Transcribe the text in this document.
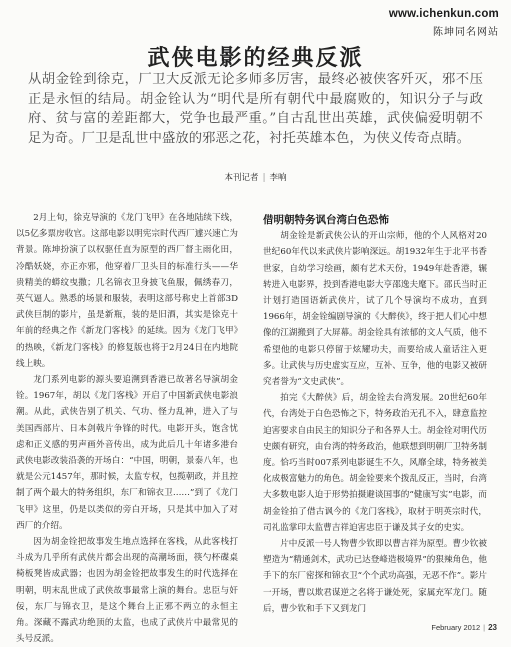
www.ichenkun.com
陈坤同名网站
武侠电影的经典反派
从胡金铨到徐克，厂卫大反派无论多师多厉害，最终必被侠客歼灭，邪不压正是永恒的结局。胡金铨认为“明代是所有朝代中最腐败的，知识分子与政府、贫与富的差距都大，党争也最严重。”自古乱世出英雄，武侠偏爱明朝不足为奇。厂卫是乱世中盛放的邪恶之花，衬托英雄本色，为侠义传奇点睛。
本刊记者 | 李响

2月上旬，徐克导演的《龙门飞甲》在各地陆续下线，以5亿多票房收官。这部电影以明宪宗时代西厂遽兴速亡为背景。陈坤扮演了以权驱任直为原型的西厂督主雨化田，冷酷妖娆，亦正亦邪，他穿着厂卫头目的标准行头——华贵精美的蟒纹曳撒；几名锦衣卫身披飞鱼服，佩绣春刀，英气逼人。熟悉的场景和服装，表明这部号称史上首部3D武侠巨制的影片，虽是新瓶，装的是旧酒，其实是徐克十年前的经典之作《新龙门客栈》的延续。因为《龙门飞甲》的热映，《新龙门客栈》的修复版也将于2月24日在内地院线上映。

龙门系列电影的源头要追溯到香港已故著名导演胡金铨。1967年，胡以《龙门客栈》开启了中国新武侠电影浪潮。从此，武侠告别了机关、气功、怪力乱神，进入了与美国西部片、日本剑戟片争锋的时代。电影开头，饱含忧虑和正义感的男声画外音传出，成为此后几十年诸多港台武侠电影改装沿袭的开场白：“中国，明朝，景泰八年，也就是公元1457年，那时候，太监专权，包揽朝政，并且控制了两个最大的特务组织，东厂和锦衣卫……”到了《龙门飞甲》这里，仍是以类似的旁白开场，只是其中加入了对西厂的介绍。

因为胡金铨把故事发生地点选择在客栈，从此客栈打斗成为几乎所有武侠片都会出现的高潮场面，筷勺杯碟桌椅板凳皆成武器；也因为胡金铨把故事发生的时代选择在明朝，明末乱世成了武侠故事最常上演的舞台。忠臣与奸佞，东厂与锦衣卫，是这个舞台上正邪不两立的永恒主角。深藏不露武功绝顶的太监，也成了武侠片中最常见的头号反派。

借明朝特务讽台湾白色恐怖

胡金铨是新武侠公认的开山宗师，他的个人风格对20世纪60年代以来武侠片影响深远。胡1932年生于北平书香世家，自幼学习绘画，颇有艺术天份，1949年赴香港，辗转进入电影界，投到香港电影大亨邵逸夫麾下。邵氏当时正计划打造国语新武侠片，试了几个导演均不成功，直到1966年，胡金铨编剧导演的《大醉侠》，终于把人们心中想像的江湖搬到了大屏幕。胡金铨具有浓郁的文人气质，他不希望他的电影只停留于炫耀功夫，而要给成人童话注入更多。让武侠与历史虚实互应，互补、互争，他的电影又被研究者誉为“文史武侠”。

拍完《大醉侠》后，胡金铨去台湾发展。20世纪60年代，台湾处于白色恐怖之下，特务政治无孔不入，肆意监控迫害要求自由民主的知识分子和各界人士。胡金铨对明代历史颇有研究，由台湾的特务政治，他联想到明朝厂卫特务制度。恰巧当时007系列电影诞生不久，风靡全球，特务被美化成极富魅力的角色。胡金铨要来个拨乱反正，当时，台湾大多数电影人迫于形势拍摄避谈国事的“健康写实”电影，而胡金铨拍了借古讽今的《龙门客栈》，取材于明英宗时代，司礼监掌印太监曹吉祥迫害忠臣于谦及其子女的史实。

片中反派一号人物曹少钦即以曹吉祥为原型。曹少钦被塑造为“精通剑术，武功已达登峰造极境界”的狠辣角色，他手下的东厂密探和锦衣卫“个个武功高强，无恶不作”。影片一开场，曹以欺君谋逆之名将于谦处死，家属充军龙门。随后，曹少钦和手下又到龙门

February 2012 | 23
